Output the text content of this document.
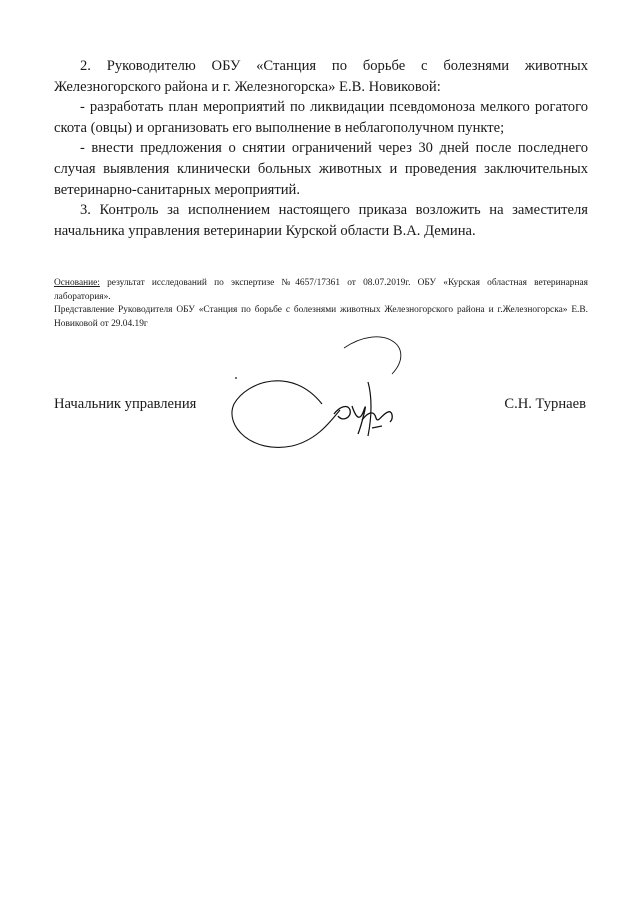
2. Руководителю ОБУ «Станция по борьбе с болезнями животных Железногорского района и г. Железногорска» Е.В. Новиковой:

- разработать план мероприятий по ликвидации псевдомоноза мелкого рогатого скота (овцы) и организовать его выполнение в неблагополучном пункте;

- внести предложения о снятии ограничений через 30 дней после последнего случая выявления клинически больных животных и проведения заключительных ветеринарно-санитарных мероприятий.

3. Контроль за исполнением настоящего приказа возложить на заместителя начальника управления ветеринарии Курской области В.А. Демина.

Основание: результат исследований по экспертизе №4657/17361 от 08.07.2019г. ОБУ «Курская областная ветеринарная лаборатория».

Представление Руководителя ОБУ «Станция по борьбе с болезнями животных Железногорского района и г.Железногорска» Е.В. Новиковой от 29.04.19г

Начальник управления	С.Н. Турнаев
